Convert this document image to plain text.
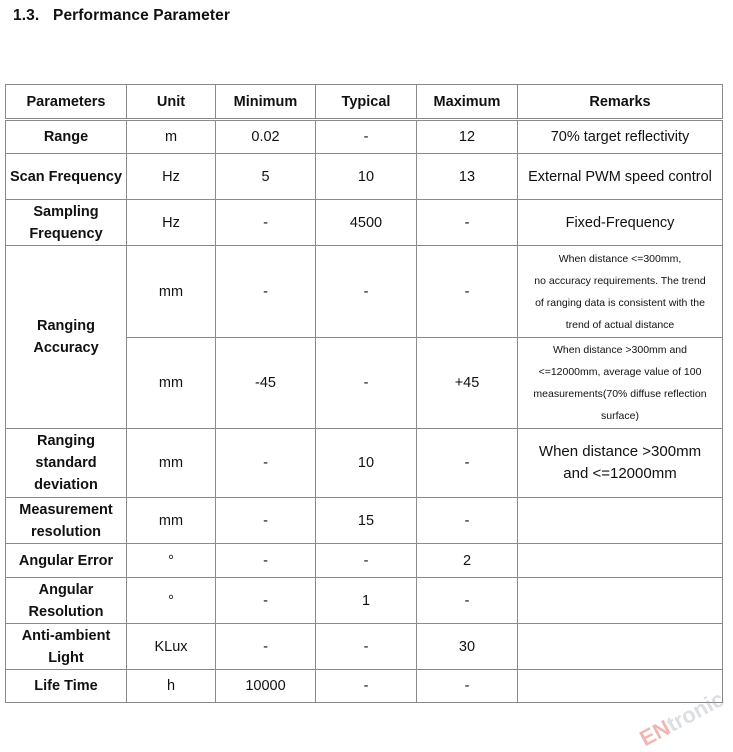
1.3. Performance Parameter
Parameters	Unit	Minimum	Typical	Maximum	Remarks
Range	m	0.02	-	12	70% target reflectivity
Scan Frequency	Hz	5	10	13	External PWM speed control
Sampling Frequency	Hz	-	4500	-	Fixed-Frequency
Ranging Accuracy	mm	-	-	-	When distance <=300mm,
no accuracy requirements. The trend
of ranging data is consistent with the
trend of actual distance
	mm	-45	-	+45	When distance >300mm and
<=12000mm, average value of 100
measurements(70% diffuse reflection
surface)
Ranging standard deviation	mm	-	10	-	When distance >300mm
and <=12000mm
Measurement resolution	mm	-	15	-	
Angular Error	°	-	-	2	
Angular Resolution	°	-	1	-	
Anti-ambient Light	KLux	-	-	30	
Life Time	h	10000	-	-	
ENtronic
